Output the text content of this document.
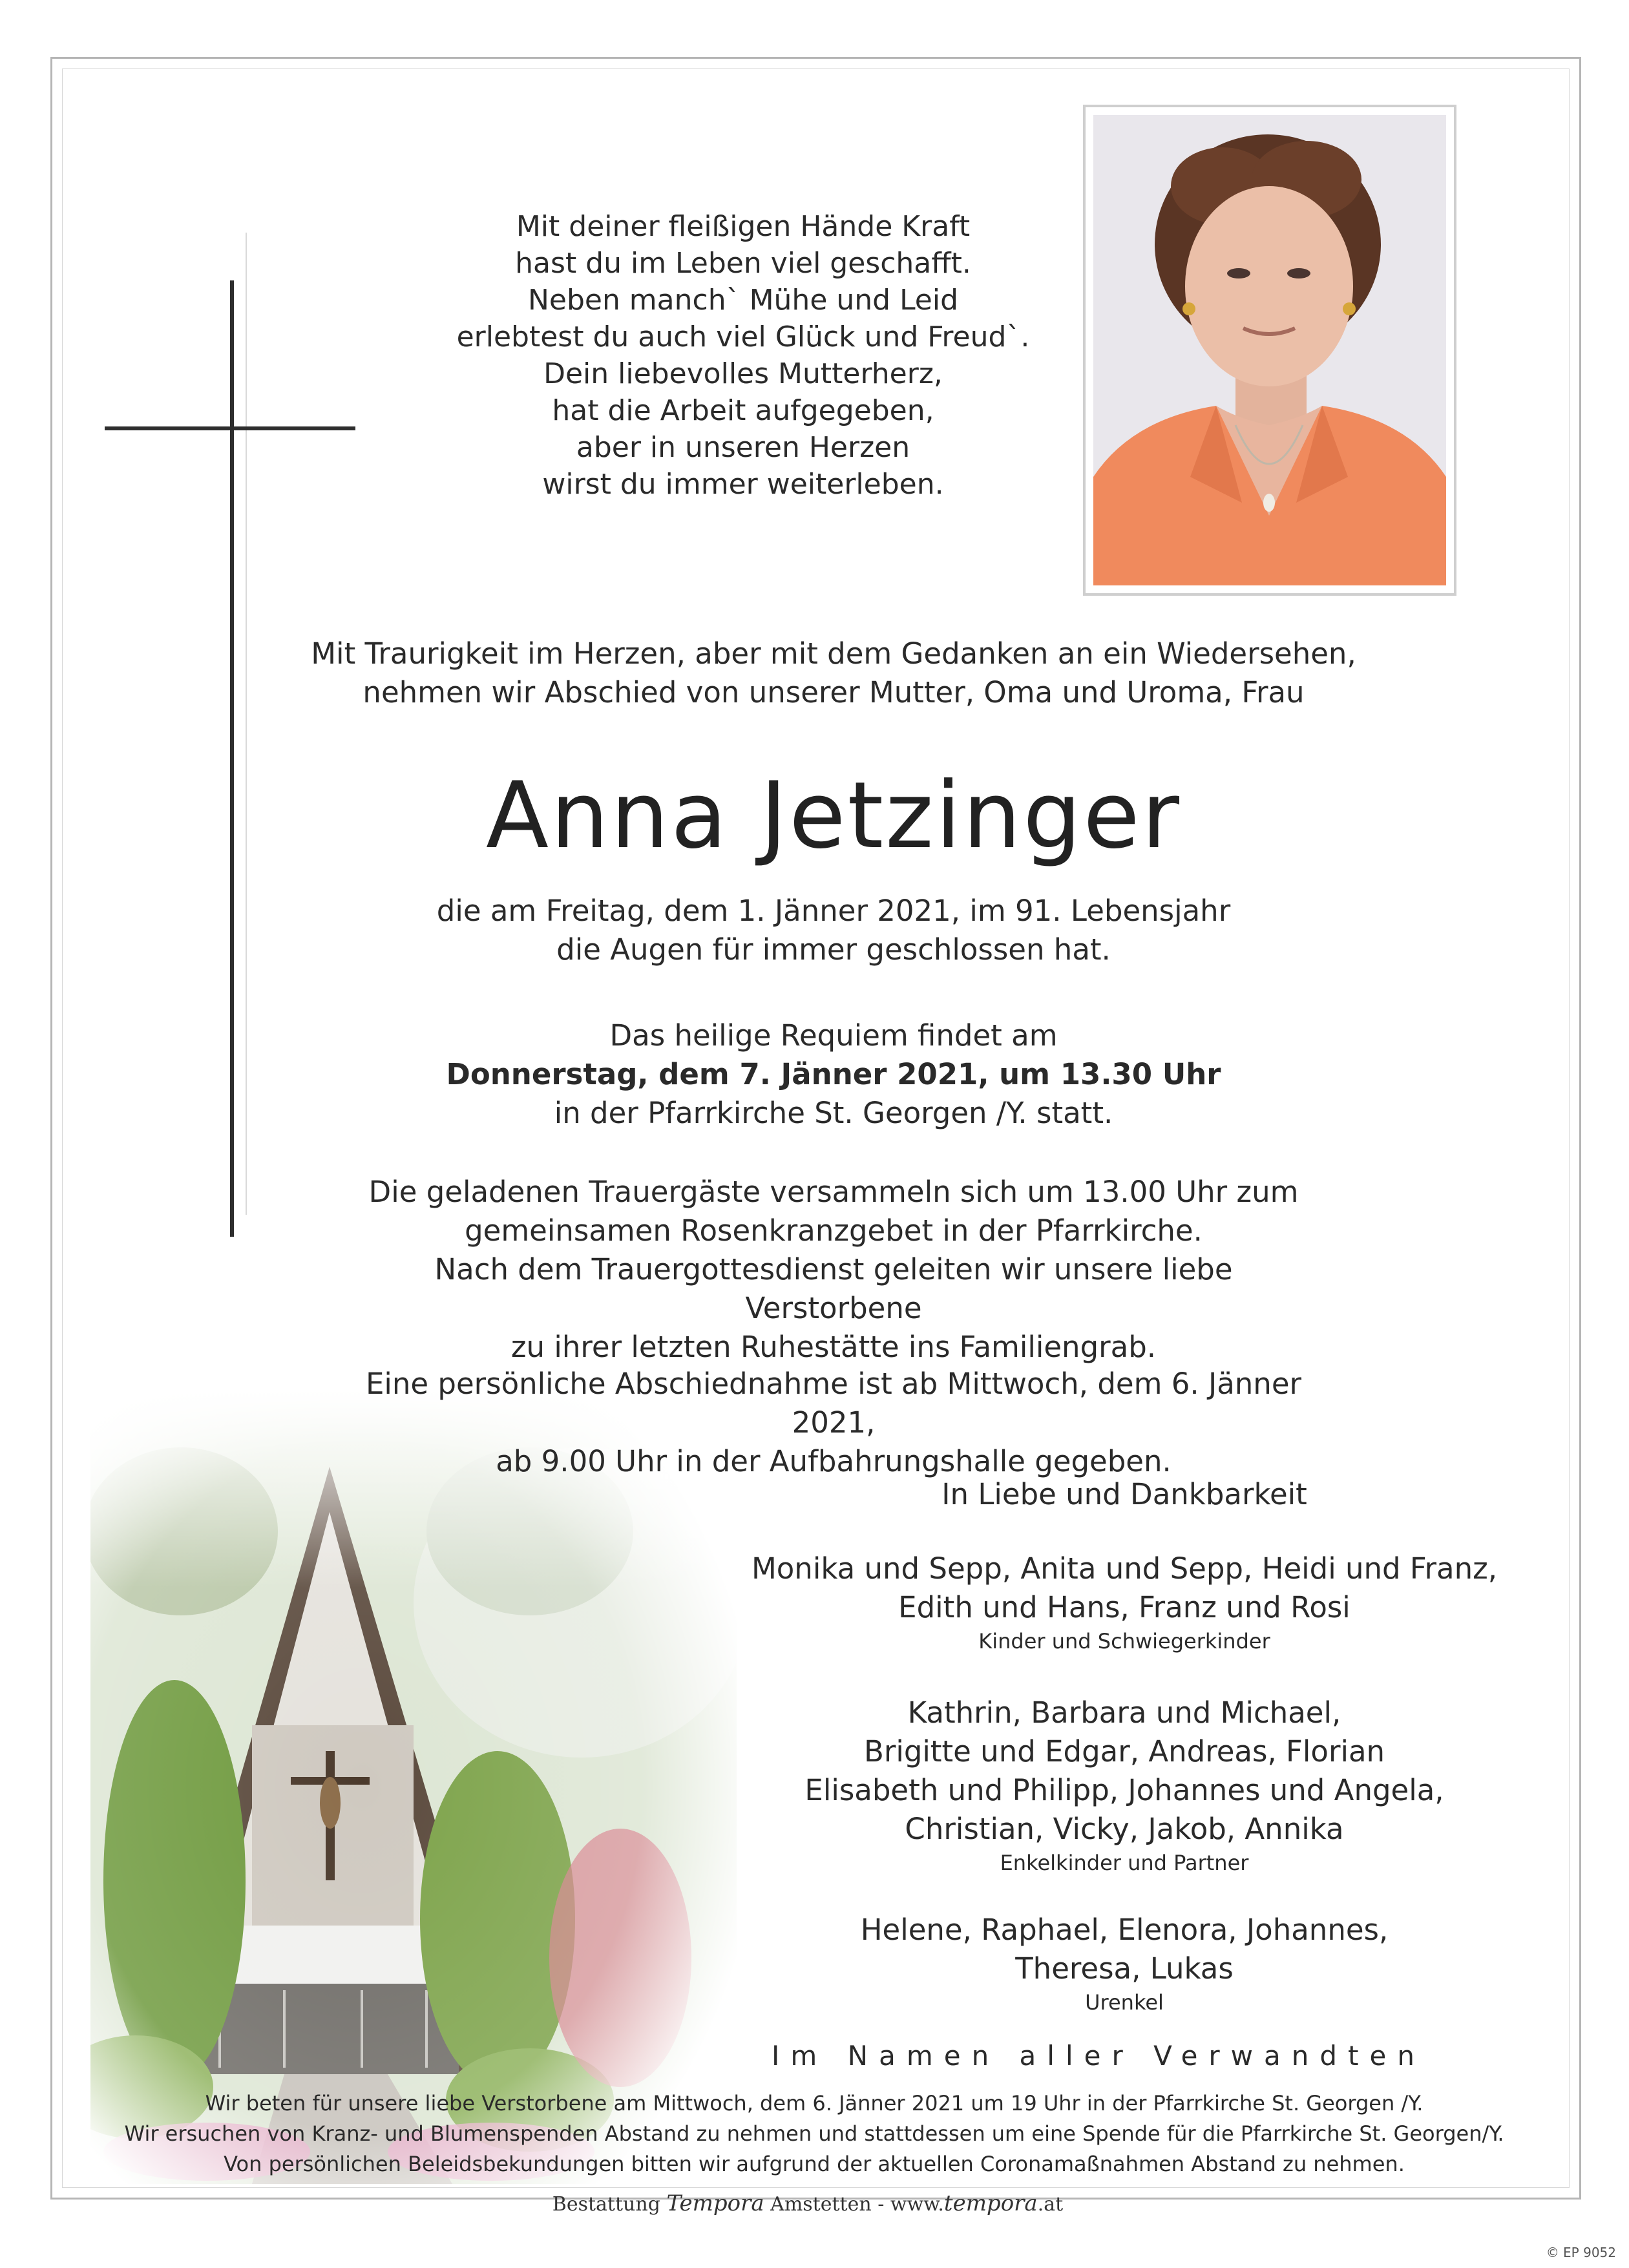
Mit deiner fleißigen Hände Kraft
hast du im Leben viel geschafft.
Neben manch` Mühe und Leid
erlebtest du auch viel Glück und Freud`.
Dein liebevolles Mutterherz,
hat die Arbeit aufgegeben,
aber in unseren Herzen
wirst du immer weiterleben.
Mit Traurigkeit im Herzen, aber mit dem Gedanken an ein Wiedersehen,
nehmen wir Abschied von unserer Mutter, Oma und Uroma, Frau
Anna Jetzinger
die am Freitag, dem 1. Jänner 2021, im 91. Lebensjahr
die Augen für immer geschlossen hat.
Das heilige Requiem findet am
Donnerstag, dem 7. Jänner 2021, um 13.30 Uhr
in der Pfarrkirche St. Georgen /Y. statt.
Die geladenen Trauergäste versammeln sich um 13.00 Uhr zum
gemeinsamen Rosenkranzgebet in der Pfarrkirche.
Nach dem Trauergottesdienst geleiten wir unsere liebe Verstorbene
zu ihrer letzten Ruhestätte ins Familiengrab.
Eine persönliche Abschiednahme ist ab Mittwoch, dem 6. Jänner 2021,
ab 9.00 Uhr in der Aufbahrungshalle gegeben.
In Liebe und Dankbarkeit
Monika und Sepp, Anita und Sepp, Heidi und Franz,
Edith und Hans, Franz und Rosi
Kinder und Schwiegerkinder
Kathrin, Barbara und Michael,
Brigitte und Edgar, Andreas, Florian
Elisabeth und Philipp, Johannes und Angela,
Christian, Vicky, Jakob, Annika
Enkelkinder und Partner
Helene, Raphael, Elenora, Johannes,
Theresa, Lukas
Urenkel
Im Namen aller Verwandten
Wir beten für unsere liebe Verstorbene am Mittwoch, dem 6. Jänner 2021 um 19 Uhr in der Pfarrkirche St. Georgen /Y.
Wir ersuchen von Kranz- und Blumenspenden Abstand zu nehmen und stattdessen um eine Spende für die Pfarrkirche St. Georgen/Y.
Von persönlichen Beleidsbekundungen bitten wir aufgrund der aktuellen Coronamaßnahmen Abstand zu nehmen.
Bestattung Tempora Amstetten - www.tempora.at
© EP 9052
